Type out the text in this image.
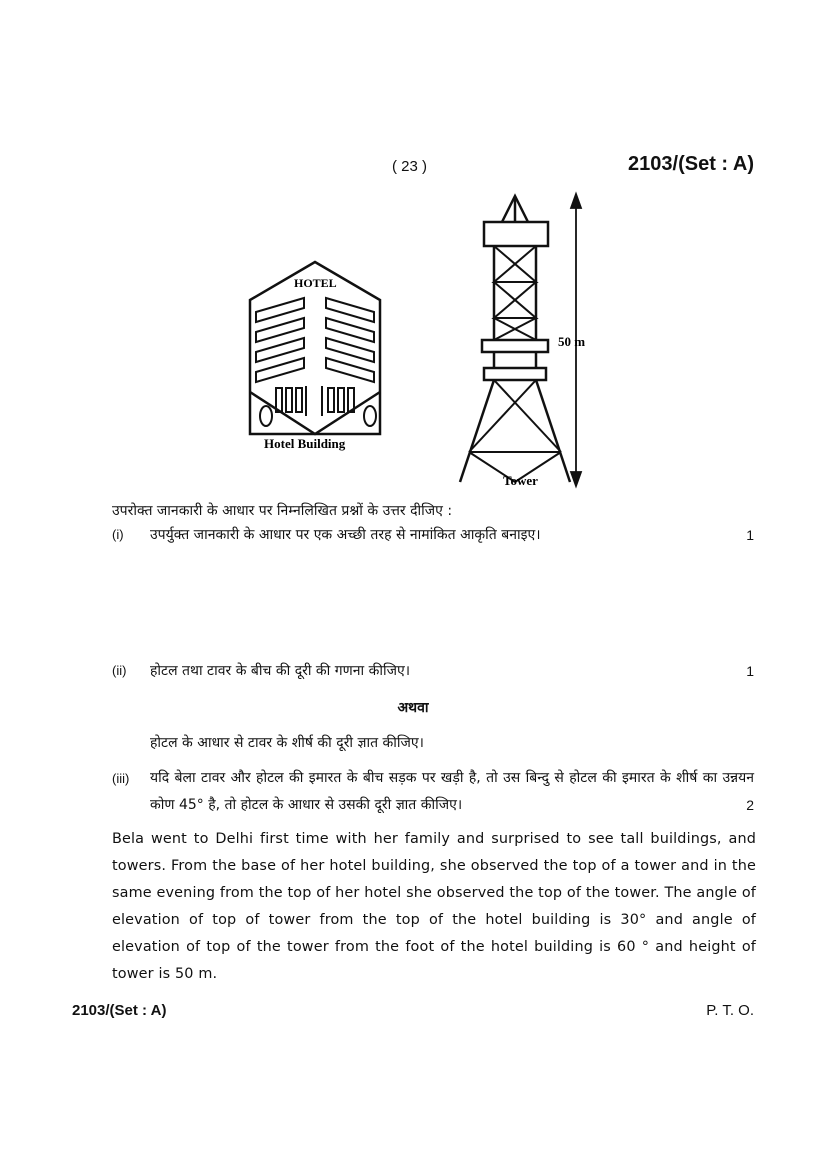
( 23 )	2103/(Set : A)
HOTEL
Hotel Building
Tower
50 m
उपरोक्त जानकारी के आधार पर निम्नलिखित प्रश्नों के उत्तर दीजिए :
(i) उपर्युक्त जानकारी के आधार पर एक अच्छी तरह से नामांकित आकृति बनाइए।	1
(ii) होटल तथा टावर के बीच की दूरी की गणना कीजिए।	1
अथवा
होटल के आधार से टावर के शीर्ष की दूरी ज्ञात कीजिए।
(iii) यदि बेला टावर और होटल की इमारत के बीच सड़क पर खड़ी है, तो उस बिन्दु से होटल की इमारत के शीर्ष का उन्नयन कोण 45° है, तो होटल के आधार से उसकी दूरी ज्ञात कीजिए।	2
Bela went to Delhi first time with her family and surprised to see tall buildings, and towers. From the base of her hotel building, she observed the top of a tower and in the same evening from the top of her hotel she observed the top of the tower. The angle of elevation of top of tower from the top of the hotel building is 30° and angle of elevation of top of the tower from the foot of the hotel building is 60 ° and height of tower is 50 m.
2103/(Set : A)	P. T. O.
